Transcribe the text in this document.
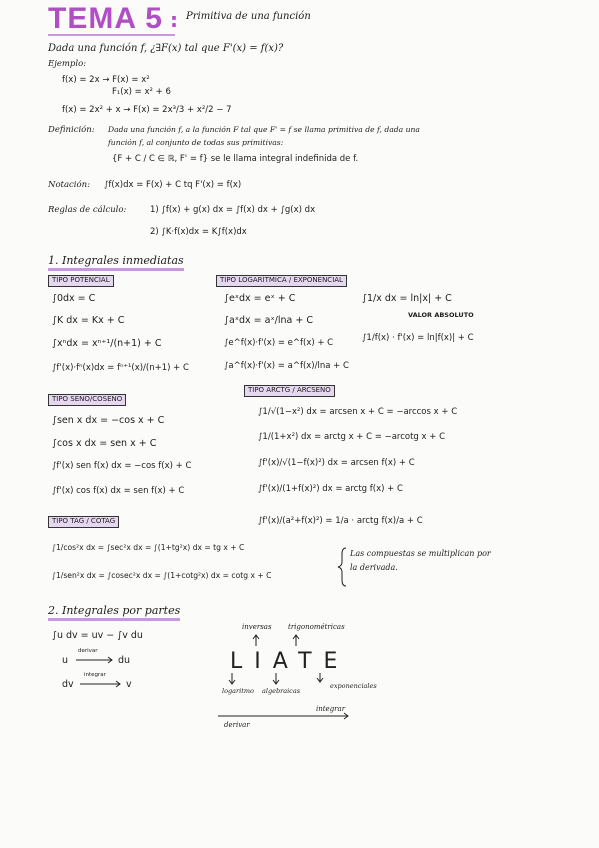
TEMA 5 : Primitiva de una función
Dada una función f, ¿∃F(x) tal que F'(x) = f(x)?
Ejemplo:
f(x) = 2x → F(x) = x²
F₁(x) = x² + 6
f(x) = 2x² + x → F(x) = 2x³/3 + x²/2 − 7
Definición: Dada una función f, a la función F tal que F' = f se llama primitiva de f, dada una
función f, al conjunto de todas sus primitivas:
{F + C / C ∈ ℝ, F' = f} se le llama integral indefinida de f.
Notación: ∫f(x)dx = F(x) + C tq F'(x) = f(x)
Reglas de cálculo:	1) ∫f(x) + g(x) dx = ∫f(x) dx + ∫g(x) dx
2) ∫K·f(x)dx = K∫f(x)dx
1. Integrales inmediatas
TIPO POTENCIAL
∫0dx = C
∫K dx = Kx + C
∫xⁿdx = xⁿ⁺¹/(n+1) + C
∫f'(x)·fⁿ(x)dx = fⁿ⁺¹(x)/(n+1) + C
TIPO LOGARÍTMICA / EXPONENCIAL
∫eˣdx = eˣ + C
∫aˣdx = aˣ/lna + C
∫e^f(x)·f'(x) = e^f(x) + C
∫a^f(x)·f'(x) = a^f(x)/lna + C
∫1/x dx = ln|x| + C
VALOR ABSOLUTO
∫1/f(x) · f'(x) = ln|f(x)| + C
TIPO SENO/COSENO
∫sen x dx = −cos x + C
∫cos x dx = sen x + C
∫f'(x) sen f(x) dx = −cos f(x) + C
∫f'(x) cos f(x) dx = sen f(x) + C
TIPO ARCTG / ARCSENO
∫1/√(1−x²) dx = arcsen x + C = −arccos x + C
∫1/(1+x²) dx = arctg x + C = −arcotg x + C
∫f'(x)/√(1−f(x)²) dx = arcsen f(x) + C
∫f'(x)/(1+f(x)²) dx = arctg f(x) + C
∫f'(x)/(a²+f(x)²) = 1/a · arctg f(x)/a + C
TIPO TAG / COTAG
∫1/cos²x dx = ∫sec²x dx = ∫(1+tg²x) dx = tg x + C
∫1/sen²x dx = ∫cosec²x dx = ∫(1+cotg²x) dx = cotg x + C
Las compuestas se multiplican por
la derivada.
2. Integrales por partes
∫u dv = uv − ∫v du
u
derivar
du
dv
integrar
v
inversas trigonométricas
LIATE
logaritmo algebraicas
exponenciales
derivar
integrar
